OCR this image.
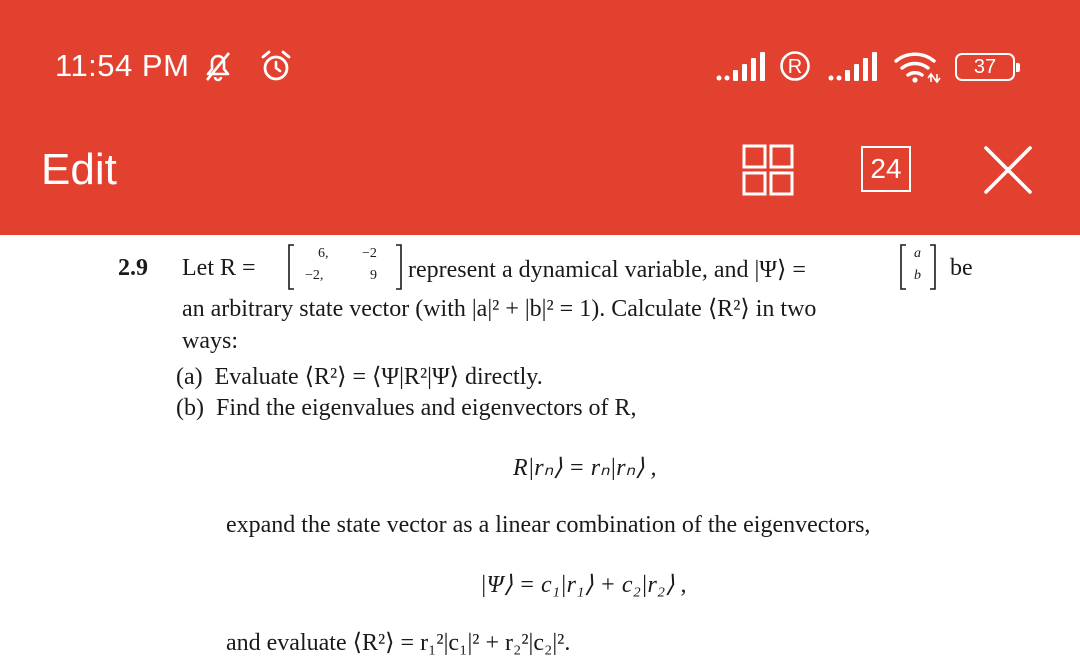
11:54 PM	R	37
Edit	24
2.9 Let R =
6, −2
−2,	9 represent a dynamical variable, and |Ψ⟩ =
a
b be
an arbitrary state vector (with |a|² + |b|² = 1). Calculate ⟨R²⟩ in two
ways:
(a) Evaluate ⟨R²⟩ = ⟨Ψ|R²|Ψ⟩ directly.
(b) Find the eigenvalues and eigenvectors of R,
R|rₙ⟩ = rₙ|rₙ⟩ ,
expand the state vector as a linear combination of the eigenvectors,
|Ψ⟩ = c₁|r₁⟩ + c₂|r₂⟩ ,
and evaluate ⟨R²⟩ = r₁²|c₁|² + r₂²|c₂|².
